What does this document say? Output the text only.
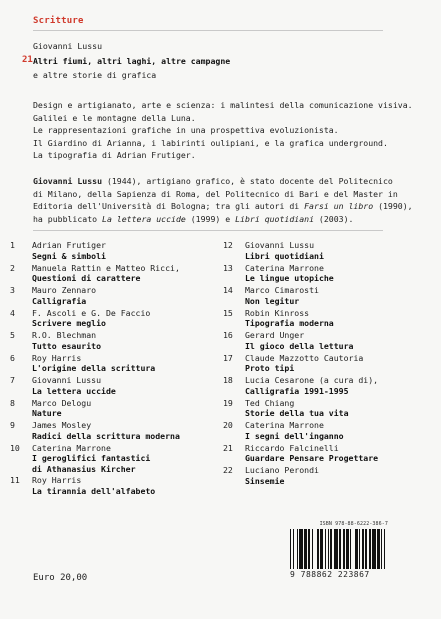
Scritture
Giovanni Lussu
21 Altri fiumi, altri laghi, altre campagne
e altre storie di grafica
Design e artigianato, arte e scienza: i malintesi della comunicazione visiva.
Galilei e le montagne della Luna.
Le rappresentazioni grafiche in una prospettiva evoluzionista.
Il Giardino di Arianna, i labirinti oulipiani, e la grafica underground.
La tipografia di Adrian Frutiger.
Giovanni Lussu (1944), artigiano grafico, è stato docente del Politecnico
di Milano, della Sapienza di Roma, del Politecnico di Bari e del Master in
Editoria dell'Università di Bologna; tra gli autori di Farsi un libro (1990),
ha pubblicato La lettera uccide (1999) e Libri quotidiani (2003).
1	Adrian Frutiger
Segni & simboli
2	Manuela Rattin e Matteo Ricci,
Questioni di carattere
3	Mauro Zennaro
Calligrafia
4	F. Ascoli e G. De Faccio
Scrivere meglio
5	R.O. Blechman
Tutto esaurito
6	Roy Harris
L'origine della scrittura
7	Giovanni Lussu
La lettera uccide
8	Marco Delogu
Nature
9	James Mosley
Radici della scrittura moderna
10	Caterina Marrone
I geroglifici fantastici
di Athanasius Kircher
11	Roy Harris
La tirannia dell'alfabeto
12	Giovanni Lussu
Libri quotidiani
13	Caterina Marrone
Le lingue utopiche
14	Marco Cimarosti
Non legitur
15	Robin Kinross
Tipografia moderna
16	Gerard Unger
Il gioco della lettura
17	Claude Mazzotto Cautoria
Proto tipi
18	Lucia Cesarone (a cura di),
Calligrafia 1991-1995
19	Ted Chiang
Storie della tua vita
20	Caterina Marrone
I segni dell'inganno
21	Riccardo Falcinelli
Guardare Pensare Progettare
22	Luciano Perondi
Sinsemie
ISBN 978-88-6222-386-7
9 788862 223867
Euro 20,00
